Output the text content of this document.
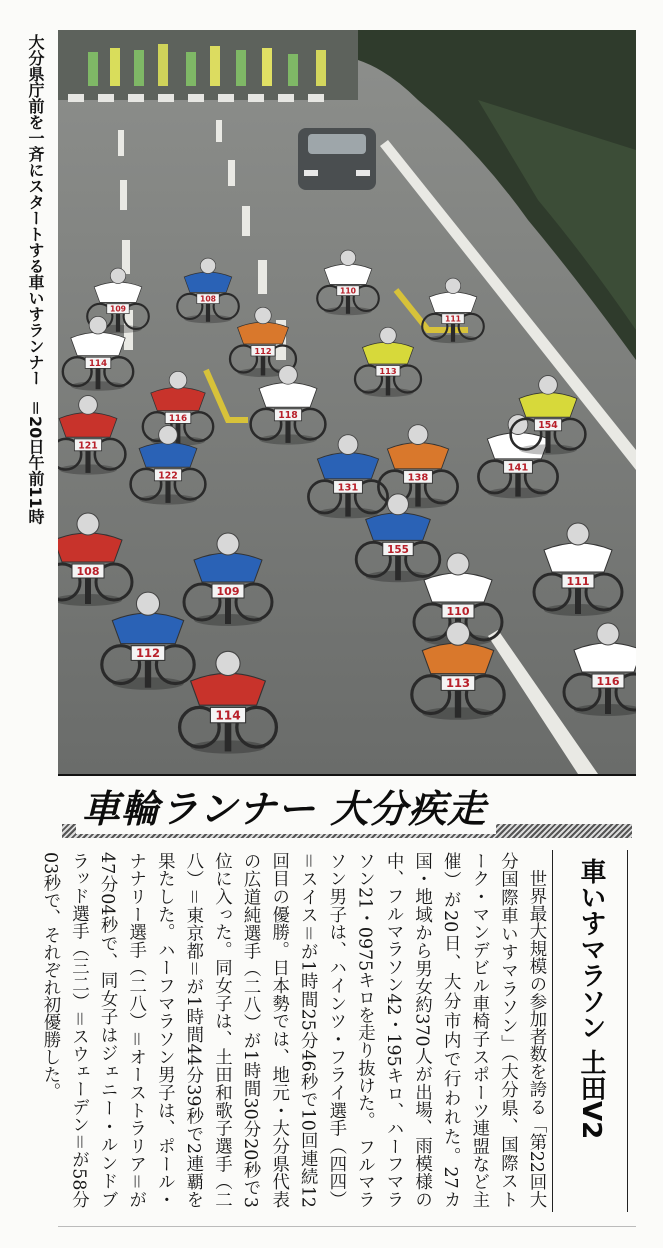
108
109
110
111
112
113
114
116	118
121
122
131
138
141
154
155
108
109
110
111
112
113
114
116
大分県庁前を一斉にスタートする車いすランナー＝20日午前11時
車輪ランナー 大分疾走
車いすマラソン 土田V2
　世界最大規模の参加者数を誇る「第22回大分国際車いすマラソン」（大分県、国際ストーク・マンデビル車椅子スポーツ連盟など主催）が20日、大分市内で行われた。27カ国・地域から男女約370人が出場、雨模様の中、フルマラソン42・195キロ、ハーフマラソン21・0975キロを走り抜けた。　フルマラソン男子は、ハインツ・フライ選手（四四）＝スイス＝が1時間25分46秒で10回連続12回目の優勝。日本勢では、地元・大分県代表の広道純選手（二八）が1時間30分20秒で3位に入った。同女子は、土田和歌子選手（二八）＝東京都＝が1時間44分39秒で2連覇を果たした。ハーフマラソン男子は、ポール・ナナリー選手（二八）＝オーストラリア＝が47分04秒で、同女子はジェニー・ルンドブラッド選手（三二）＝スウェーデン＝が58分03秒で、それぞれ初優勝した。
